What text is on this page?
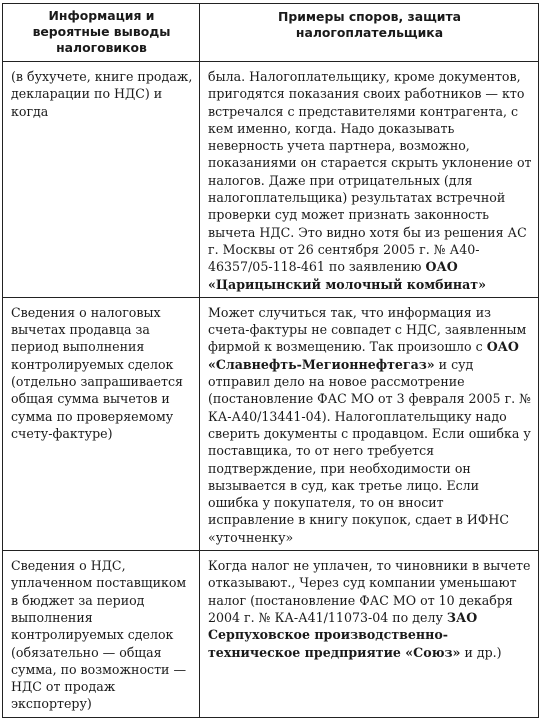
Информация и вероятные выводы налоговиков	Примеры споров, защита налогоплательщика
(в бухучете, книге продаж, декларации по НДС) и когда	была. Налогоплательщику, кроме документов, пригодятся показания своих работников — кто встречался с представителями контрагента, с кем именно, когда. Надо доказывать неверность учета партнера, возможно, показаниями он старается скрыть уклонение от налогов. Даже при отрицательных (для налогоплательщика) результатах встречной проверки суд может признать законность вычета НДС. Это видно хотя бы из решения АС г. Москвы от 26 сентября 2005 г. № А40-46357/05-118-461 по заявлению ОАО «Царицынский молочный комбинат»
Сведения о налоговых вычетах продавца за период выполнения контролируемых сделок (отдельно запрашивается общая сумма вычетов и сумма по проверяемому счету-фактуре)	Может случиться так, что информация из счета-фактуры не совпадет с НДС, заявленным фирмой к возмещению. Так произошло с ОАО «Славнефть-Мегионнефтегаз» и суд отправил дело на новое рассмотрение (постановление ФАС МО от 3 февраля 2005 г. № КА-А40/13441-04). Налогоплательщику надо сверить документы с продавцом. Если ошибка у поставщика, то от него требуется подтверждение, при необходимости он вызывается в суд, как третье лицо. Если ошибка у покупателя, то он вносит исправление в книгу покупок, сдает в ИФНС «уточненку»
Сведения о НДС, уплаченном поставщиком в бюджет за период выполнения контролируемых сделок (обязательно — общая сумма, по возможности — НДС от продаж экспортеру)	Когда налог не уплачен, то чиновники в вычете отказывают., Через суд компании уменьшают налог (постановление ФАС МО от 10 декабря 2004 г. № КА-А41/11073-04 по делу ЗАО Серпуховское производственно-техническое предприятие «Союз» и др.)
